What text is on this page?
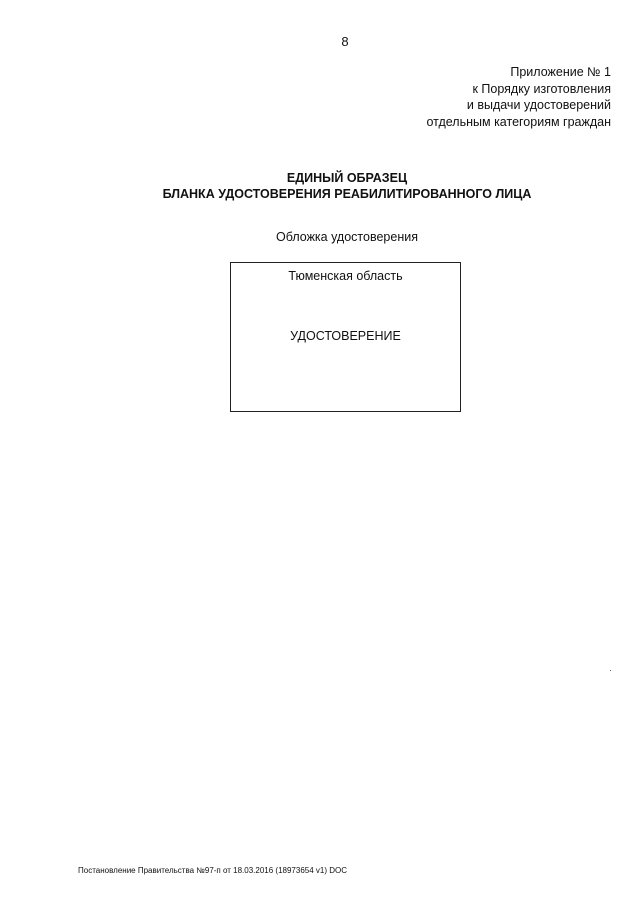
8
Приложение № 1
к Порядку изготовления
и выдачи удостоверений
отдельным категориям граждан
ЕДИНЫЙ ОБРАЗЕЦ
БЛАНКА УДОСТОВЕРЕНИЯ РЕАБИЛИТИРОВАННОГО ЛИЦА
Обложка удостоверения
Тюменская область
УДОСТОВЕРЕНИЕ
Постановление Правительства №97-п от 18.03.2016 (18973654 v1) DOC
